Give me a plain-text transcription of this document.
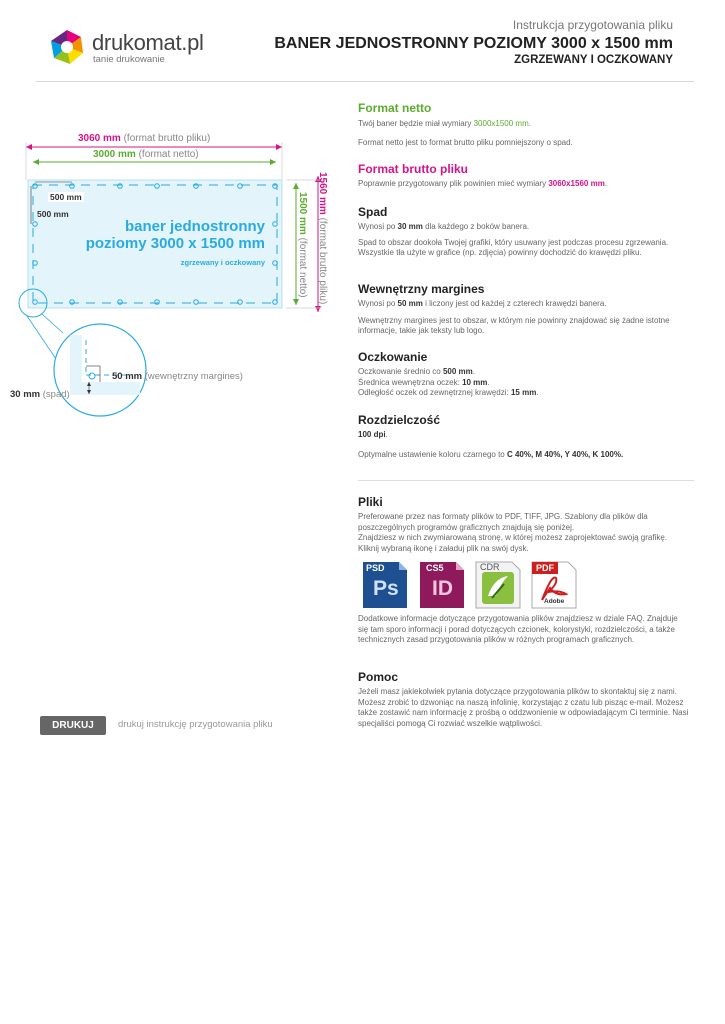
drukomat.pl
tanie drukowanie
Instrukcja przygotowania pliku
BANER JEDNOSTRONNY POZIOMY 3000 x 1500 mm
ZGRZEWANY I OCZKOWANY
3060 mm (format brutto pliku)
3000 mm (format netto)
500 mm
500 mm
baner jednostronny
poziomy 3000 x 1500 mm
zgrzewany i oczkowany
1560 mm (format brutto pliku)
1500 mm (format netto)
50 mm (wewnętrzny margines)
30 mm (spad)
Format netto
Twój baner będzie miał wymiary 3000x1500 mm.
Format netto jest to format brutto pliku pomniejszony o spad.
Format brutto pliku
Poprawnie przygotowany plik powinien mieć wymiary 3060x1560 mm.
Spad
Wynosi po 30 mm dla każdego z boków banera.
Spad to obszar dookoła Twojej grafiki, który usuwany jest podczas procesu zgrzewania. Wszystkie tła użyte w grafice (np. zdjęcia) powinny dochodzić do krawędzi pliku.
Wewnętrzny margines
Wynosi po 50 mm i liczony jest od każdej z czterech krawędzi banera.
Wewnętrzny margines jest to obszar, w którym nie powinny znajdować się żadne istotne informacje, takie jak teksty lub logo.
Oczkowanie
Oczkowanie średnio co 500 mm.
Średnica wewnętrzna oczek: 10 mm.
Odległość oczek od zewnętrznej krawędzi: 15 mm.
Rozdzielczość
100 dpi.
Optymalne ustawienie koloru czarnego to C 40%, M 40%, Y 40%, K 100%.
Pliki
Preferowane przez nas formaty plików to PDF, TIFF, JPG. Szablony dla plików dla poszczególnych programów graficznych znajdują się poniżej.
Znajdziesz w nich zwymiarowaną stronę, w której możesz zaprojektować swoją grafikę. Kliknij wybraną ikonę i załaduj plik na swój dysk.
PSD
Ps
CS5
ID
CDR	PDF
Adobe
Dodatkowe informacje dotyczące przygotowania plików znajdziesz w dziale FAQ. Znajduje się tam sporo informacji i porad dotyczących czcionek, kolorystyki, rozdzielczości, a także technicznych zasad przygotowania plików w różnych programach graficznych.
Pomoc
Jeżeli masz jakiekolwiek pytania dotyczące przygotowania plików to skontaktuj się z nami. Możesz zrobić to dzwoniąc na naszą infolinię, korzystając z czatu lub pisząc e-mail. Możesz także zostawić nam informację z prośbą o oddzwonienie w odpowiadającym Ci terminie. Nasi specjaliści pomogą Ci rozwiać wszelkie wątpliwości.
DRUKUJ	drukuj instrukcję przygotowania pliku
